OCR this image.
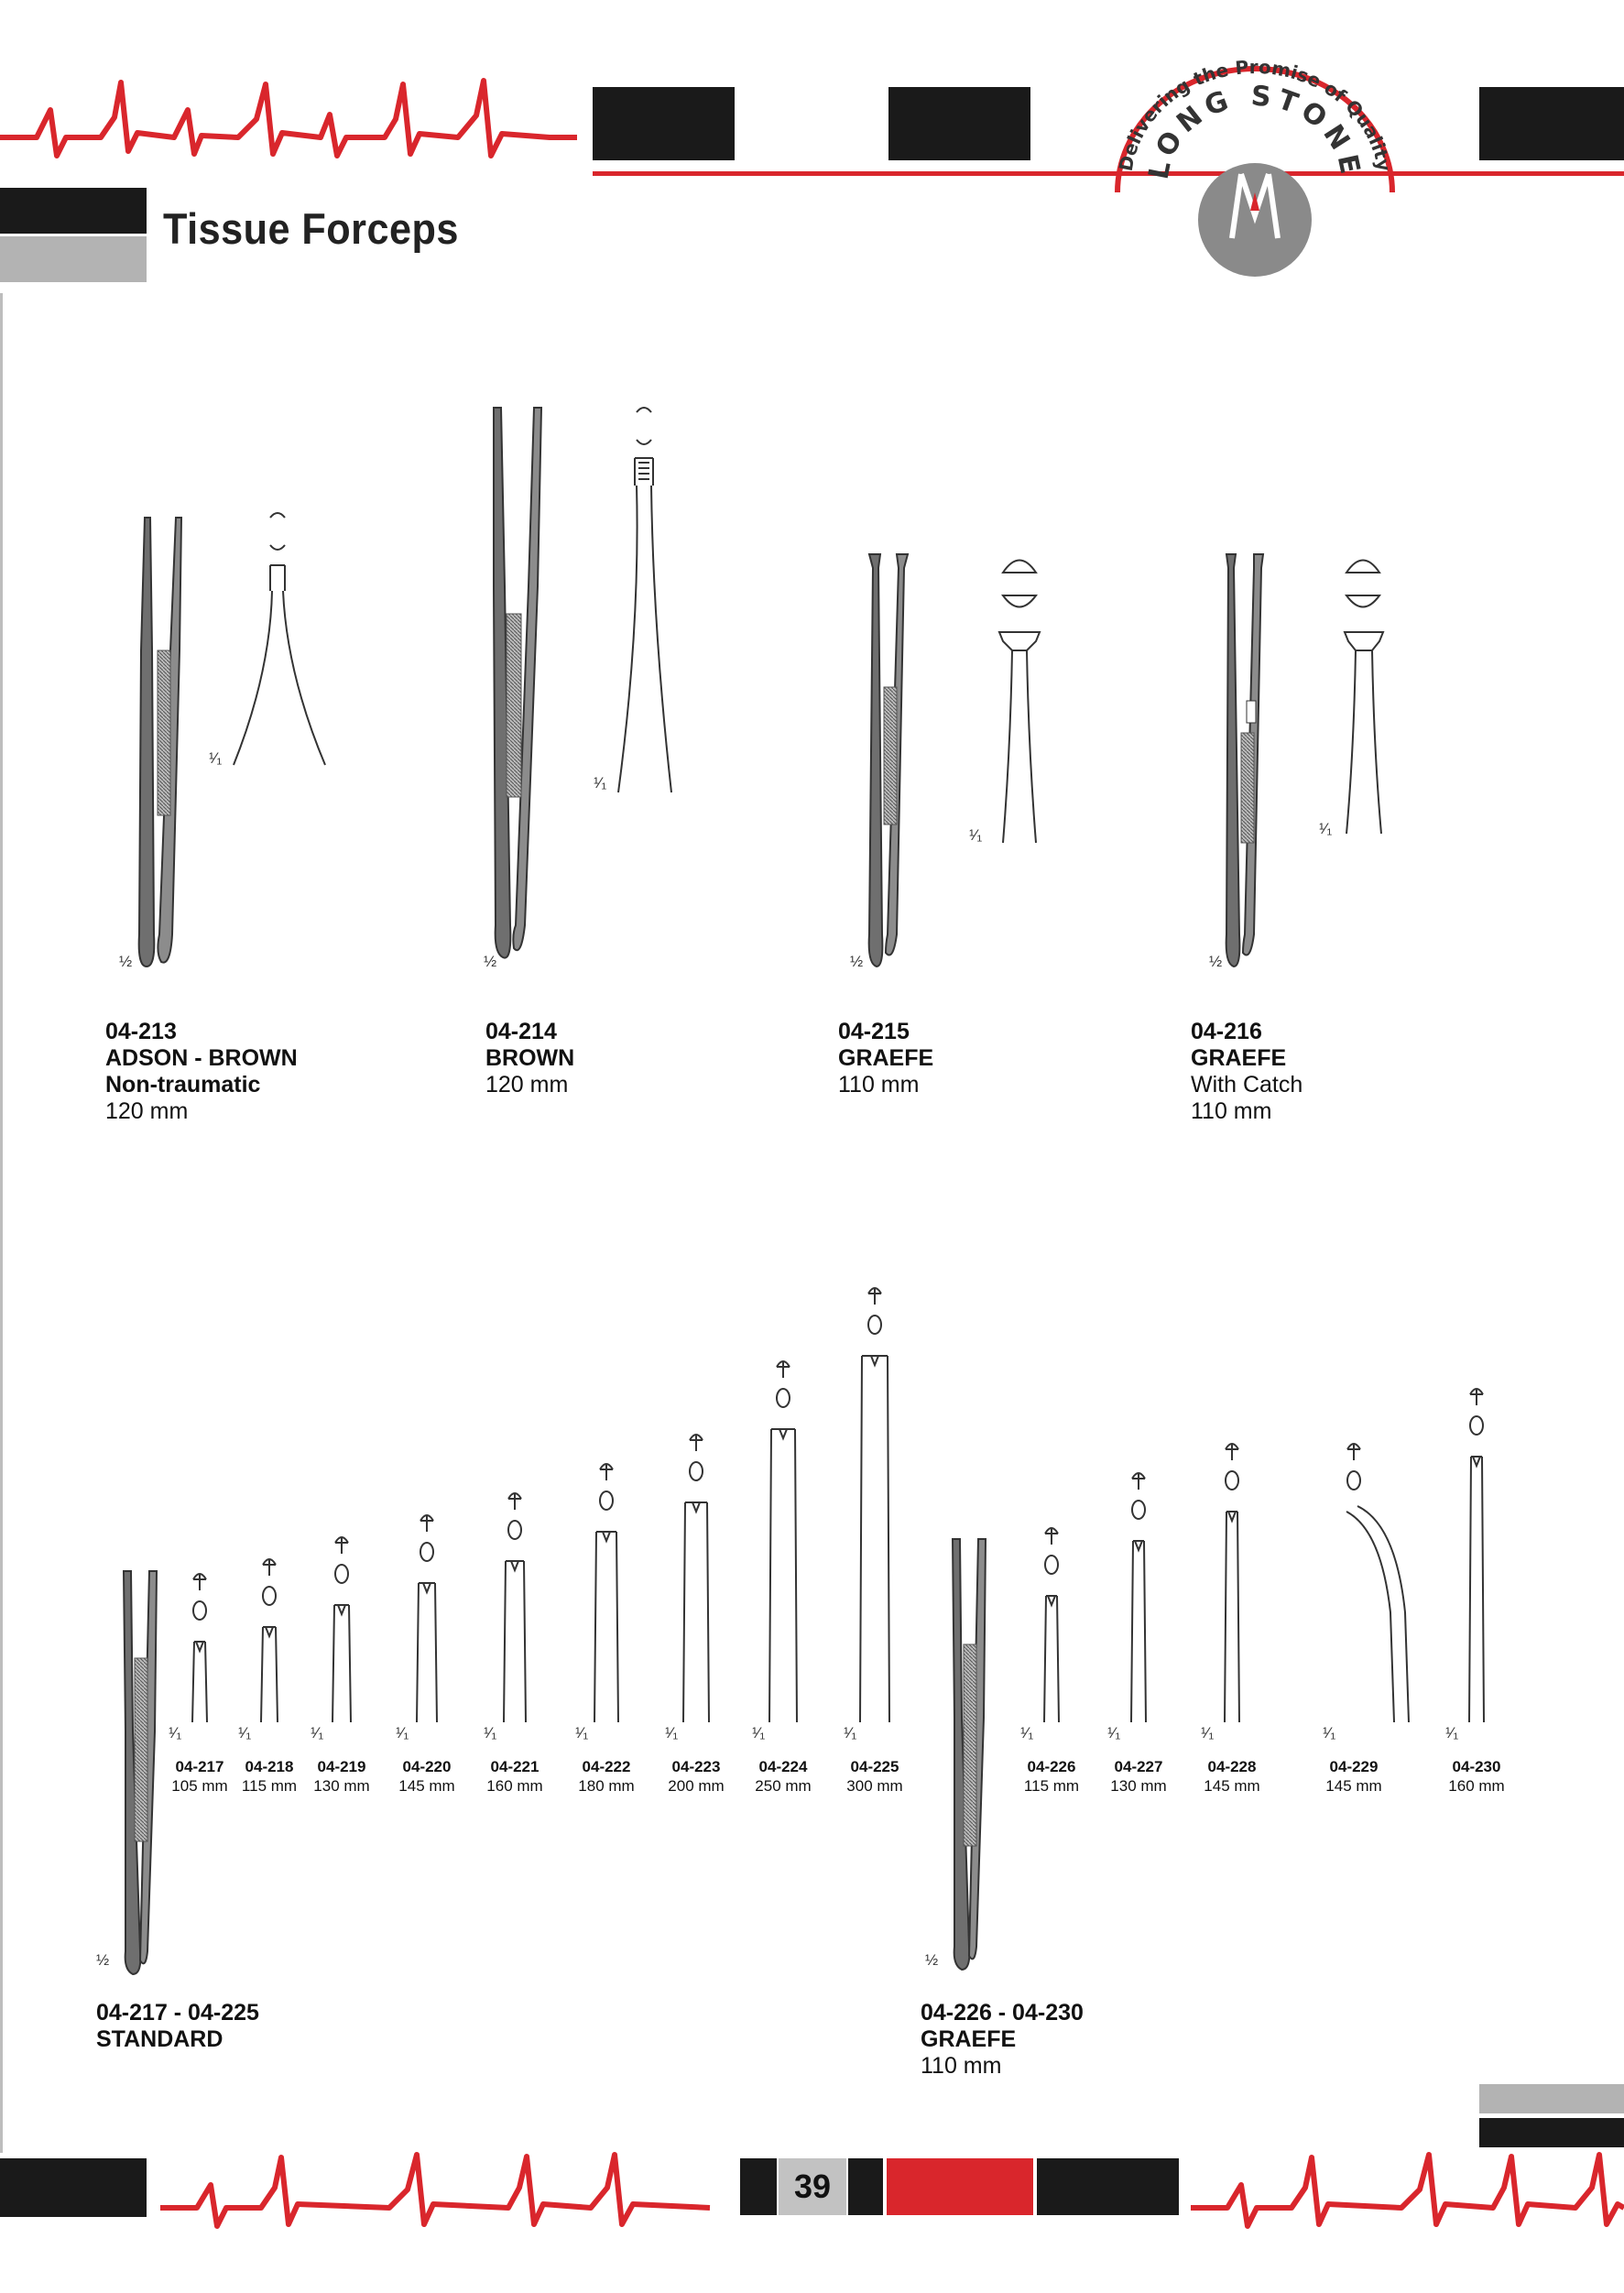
Delivering the Promise of Quality
LONG STONE
Tissue Forceps
¹⁄₁
½
¹⁄₁
½
¹⁄₁
½
¹⁄₁
½
04-213
ADSON - BROWN
Non-traumatic
120 mm
04-214
BROWN
120 mm
04-215
GRAEFE
110 mm
04-216
GRAEFE
With Catch
110 mm
½
04-217
105 mm
¹⁄₁
04-218
115 mm
¹⁄₁
04-219
130 mm
¹⁄₁
04-220
145 mm
¹⁄₁
04-221
160 mm
¹⁄₁
04-222
180 mm
¹⁄₁
04-223
200 mm
¹⁄₁
04-224
250 mm
¹⁄₁
04-225
300 mm
¹⁄₁
04-226
115 mm
¹⁄₁
04-227
130 mm
¹⁄₁
04-228
145 mm
¹⁄₁
04-229
145 mm
¹⁄₁
04-230
160 mm
¹⁄₁
04-217 - 04-225
STANDARD
½
04-226 - 04-230
GRAEFE
110 mm
39
